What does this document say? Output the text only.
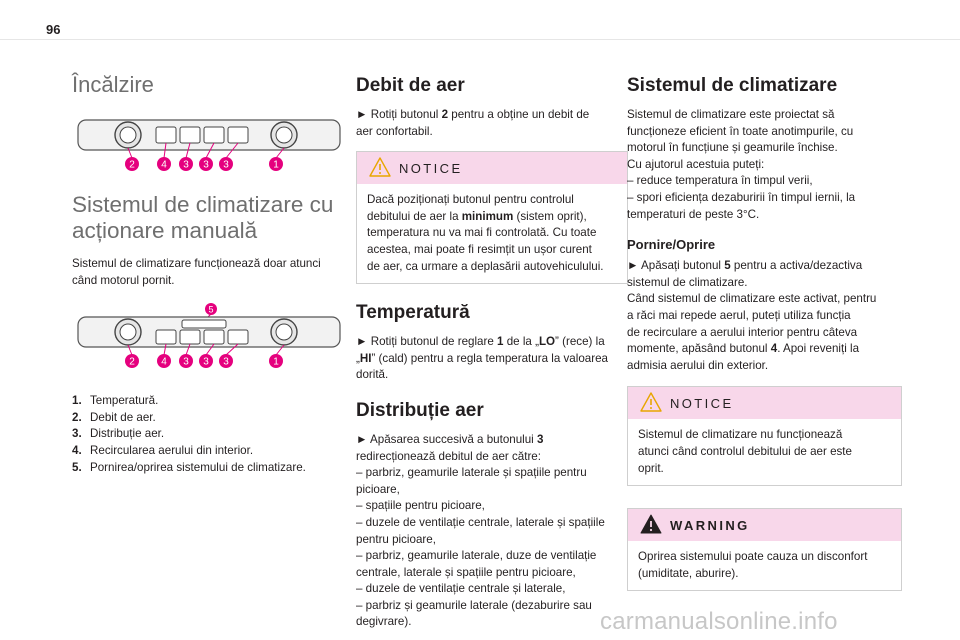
96
Încălzire
2	4 3 3 3	1
Sistemul de climatizare cu
acționare manuală

Sistemul de climatizare funcționează doar atunci
când motorul pornit.

5
2	4 3 3 3	1
1. Temperatură.
2. Debit de aer.
3. Distribuție aer.
4. Recircularea aerului din interior.
5. Pornirea/oprirea sistemului de climatizare.
Debit de aer

► Rotiți butonul 2 pentru a obține un debit de
aer confortabil.

NOTICE

Dacă poziționați butonul pentru controlul
debitului de aer la minimum (sistem oprit),
temperatura nu va mai fi controlată. Cu toate
acestea, mai poate fi resimțit un ușor curent
de aer, ca urmare a deplasării autovehiculului.

Temperatură

► Rotiți butonul de reglare 1 de la „LO” (rece) la
„HI” (cald) pentru a regla temperatura la valoarea
dorită.

Distribuție aer

► Apăsarea succesivă a butonului 3
redirecționează debitul de aer către:
– parbriz, geamurile laterale și spațiile pentru
picioare,
– spațiile pentru picioare,
– duzele de ventilație centrale, laterale și spațiile
pentru picioare,
– parbriz, geamurile laterale, duze de ventilație
centrale, laterale și spațiile pentru picioare,
– duzele de ventilație centrale și laterale,
– parbriz și geamurile laterale (dezaburire sau
degivrare).

Sistemul de climatizare

Sistemul de climatizare este proiectat să
funcționeze eficient în toate anotimpurile, cu
motorul în funcțiune și geamurile închise.
Cu ajutorul acestuia puteți:
– reduce temperatura în timpul verii,
– spori eficiența dezaburirii în timpul iernii, la
temperaturi de peste 3°C.

Pornire/Oprire

► Apăsați butonul 5 pentru a activa/dezactiva
sistemul de climatizare.
Când sistemul de climatizare este activat, pentru
a răci mai repede aerul, puteți utiliza funcția
de recirculare a aerului interior pentru câteva
momente, apăsând butonul 4. Apoi reveniți la
admisia aerului din exterior.

NOTICE

Sistemul de climatizare nu funcționează
atunci când controlul debitului de aer este
oprit.

WARNING

Oprirea sistemului poate cauza un disconfort
(umiditate, aburire).

carmanualsonline.info
